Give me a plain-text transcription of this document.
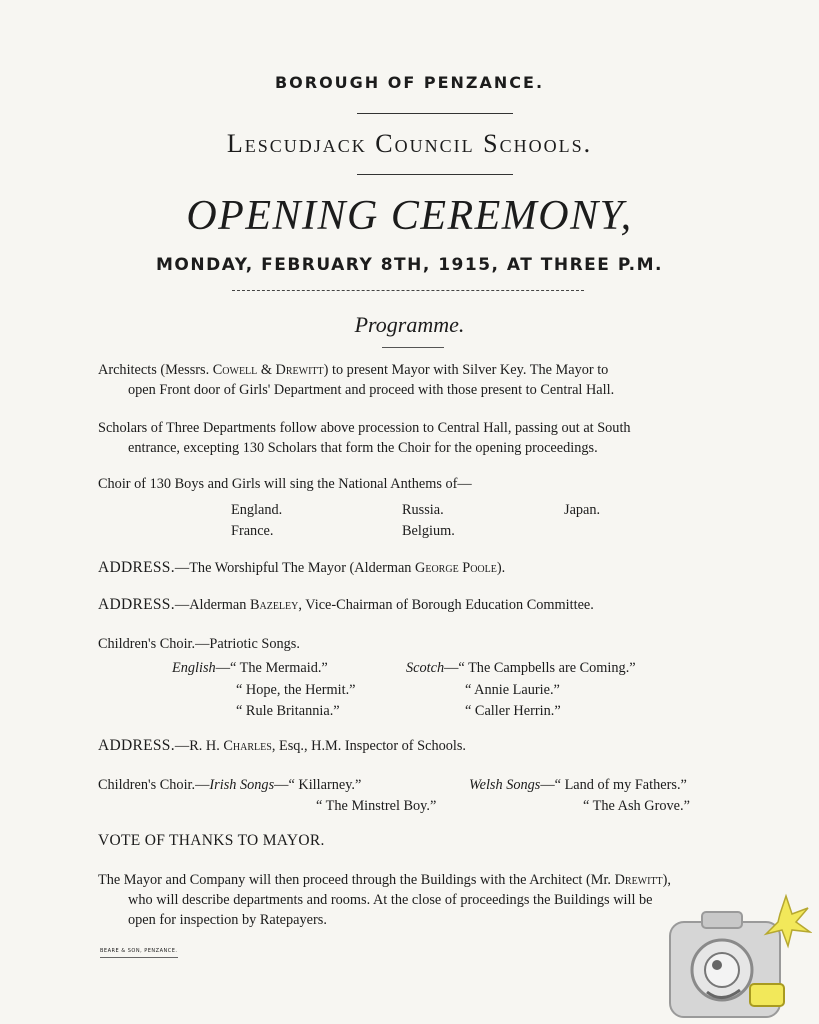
BOROUGH OF PENZANCE.
Lescudjack Council Schools.
OPENING CEREMONY,
MONDAY, FEBRUARY 8TH, 1915, AT THREE P.M.
Programme.
Architects (Messrs. Cowell & Drewitt) to present Mayor with Silver Key. The Mayor to
open Front door of Girls' Department and proceed with those present to Central Hall.
Scholars of Three Departments follow above procession to Central Hall, passing out at South
entrance, excepting 130 Scholars that form the Choir for the opening proceedings.
Choir of 130 Boys and Girls will sing the National Anthems of—
England.
France.
Russia.
Belgium.
Japan.
ADDRESS.—The Worshipful The Mayor (Alderman George Poole).
ADDRESS.—Alderman Bazeley, Vice-Chairman of Borough Education Committee.
Children's Choir.—Patriotic Songs.
English—“ The Mermaid.”
“ Hope, the Hermit.”
“ Rule Britannia.”
Scotch—“ The Campbells are Coming.”
“ Annie Laurie.”
“ Caller Herrin.”
ADDRESS.—R. H. Charles, Esq., H.M. Inspector of Schools.
Children's Choir.—Irish Songs—“ Killarney.”
“ The Minstrel Boy.”
Welsh Songs—“ Land of my Fathers.”
“ The Ash Grove.”
VOTE OF THANKS TO MAYOR.
The Mayor and Company will then proceed through the Buildings with the Architect (Mr. Drewitt),
who will describe departments and rooms. At the close of proceedings the Buildings will be
open for inspection by Ratepayers.
BEARE & SON, PENZANCE.
